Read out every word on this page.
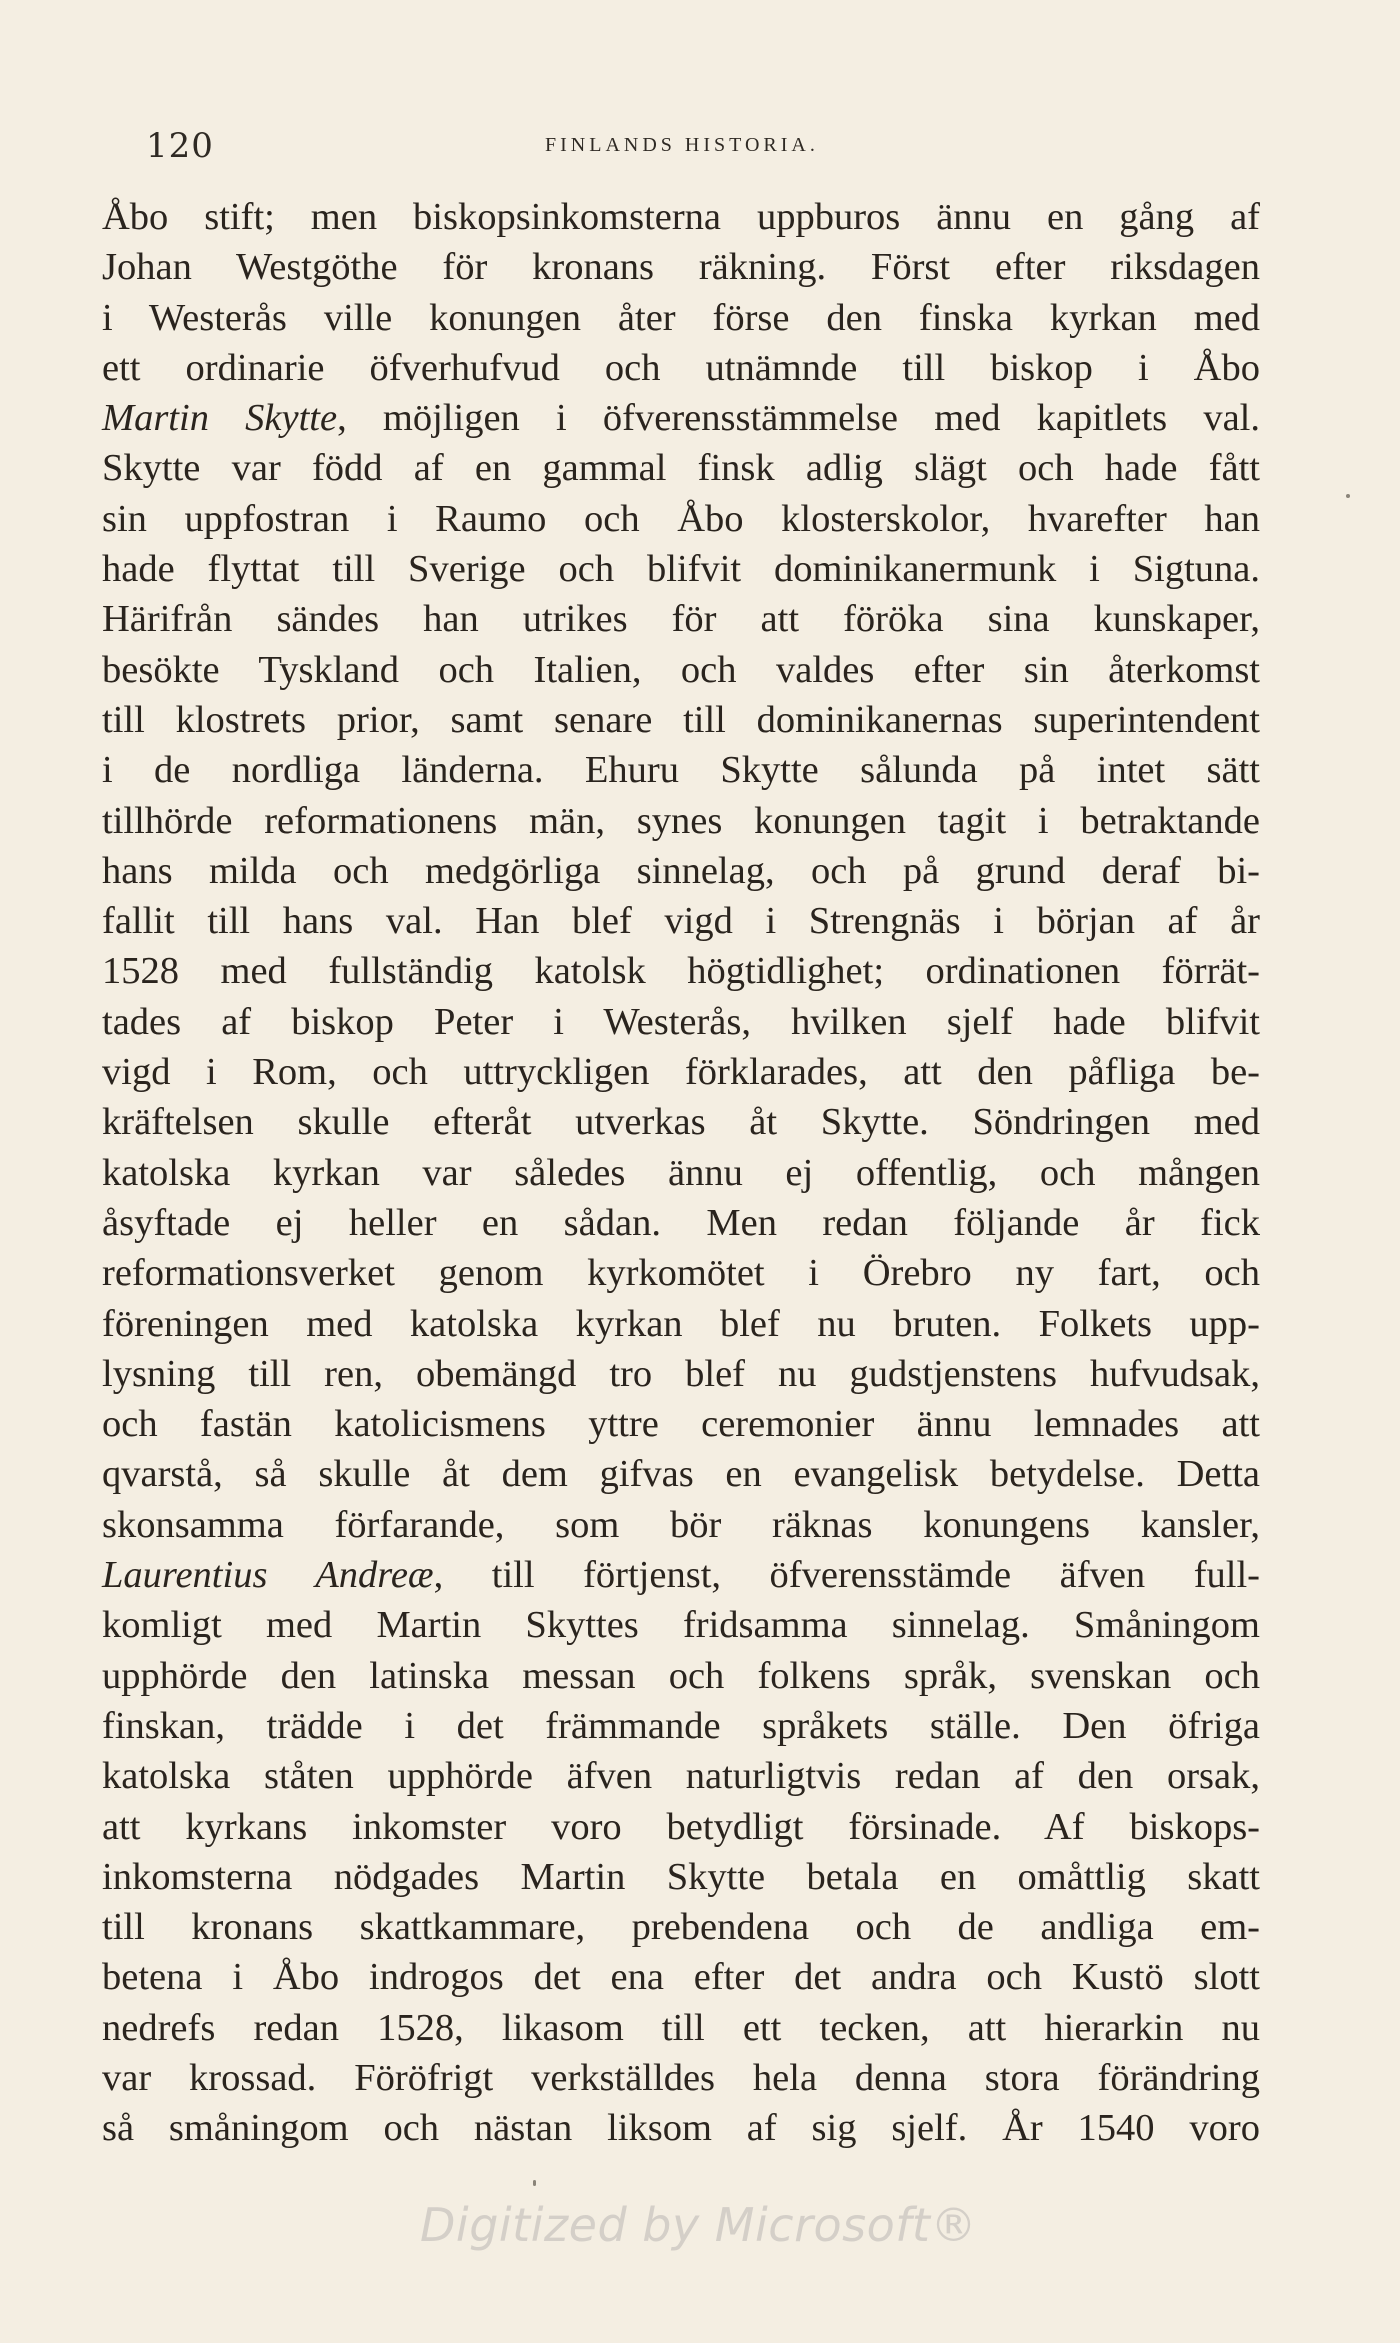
120	FINLANDS HISTORIA.
Åbo stift; men biskopsinkomsterna uppburos ännu en gång af
Johan Westgöthe för kronans räkning. Först efter riksdagen
i Westerås ville konungen åter förse den finska kyrkan med
ett ordinarie öfverhufvud och utnämnde till biskop i Åbo
Martin Skytte, möjligen i öfverensstämmelse med kapitlets val.
Skytte var född af en gammal finsk adlig slägt och hade fått
sin uppfostran i Raumo och Åbo klosterskolor, hvarefter han
hade flyttat till Sverige och blifvit dominikanermunk i Sigtuna.
Härifrån sändes han utrikes för att föröka sina kunskaper,
besökte Tyskland och Italien, och valdes efter sin återkomst
till klostrets prior, samt senare till dominikanernas superintendent
i de nordliga länderna. Ehuru Skytte sålunda på intet sätt
tillhörde reformationens män, synes konungen tagit i betraktande
hans milda och medgörliga sinnelag, och på grund deraf bi-
fallit till hans val. Han blef vigd i Strengnäs i början af år
1528 med fullständig katolsk högtidlighet; ordinationen förrät-
tades af biskop Peter i Westerås, hvilken sjelf hade blifvit
vigd i Rom, och uttryckligen förklarades, att den påfliga be-
kräftelsen skulle efteråt utverkas åt Skytte. Söndringen med
katolska kyrkan var således ännu ej offentlig, och mången
åsyftade ej heller en sådan. Men redan följande år fick
reformationsverket genom kyrkomötet i Örebro ny fart, och
föreningen med katolska kyrkan blef nu bruten. Folkets upp-
lysning till ren, obemängd tro blef nu gudstjenstens hufvudsak,
och fastän katolicismens yttre ceremonier ännu lemnades att
qvarstå, så skulle åt dem gifvas en evangelisk betydelse. Detta
skonsamma förfarande, som bör räknas konungens kansler,
Laurentius Andreæ, till förtjenst, öfverensstämde äfven full-
komligt med Martin Skyttes fridsamma sinnelag. Småningom
upphörde den latinska messan och folkens språk, svenskan och
finskan, trädde i det främmande språkets ställe. Den öfriga
katolska ståten upphörde äfven naturligtvis redan af den orsak,
att kyrkans inkomster voro betydligt försinade. Af biskops-
inkomsterna nödgades Martin Skytte betala en omåttlig skatt
till kronans skattkammare, prebendena och de andliga em-
betena i Åbo indrogos det ena efter det andra och Kustö slott
nedrefs redan 1528, likasom till ett tecken, att hierarkin nu
var krossad. Föröfrigt verkställdes hela denna stora förändring
så småningom och nästan liksom af sig sjelf. År 1540 voro
Digitized by Microsoft®
